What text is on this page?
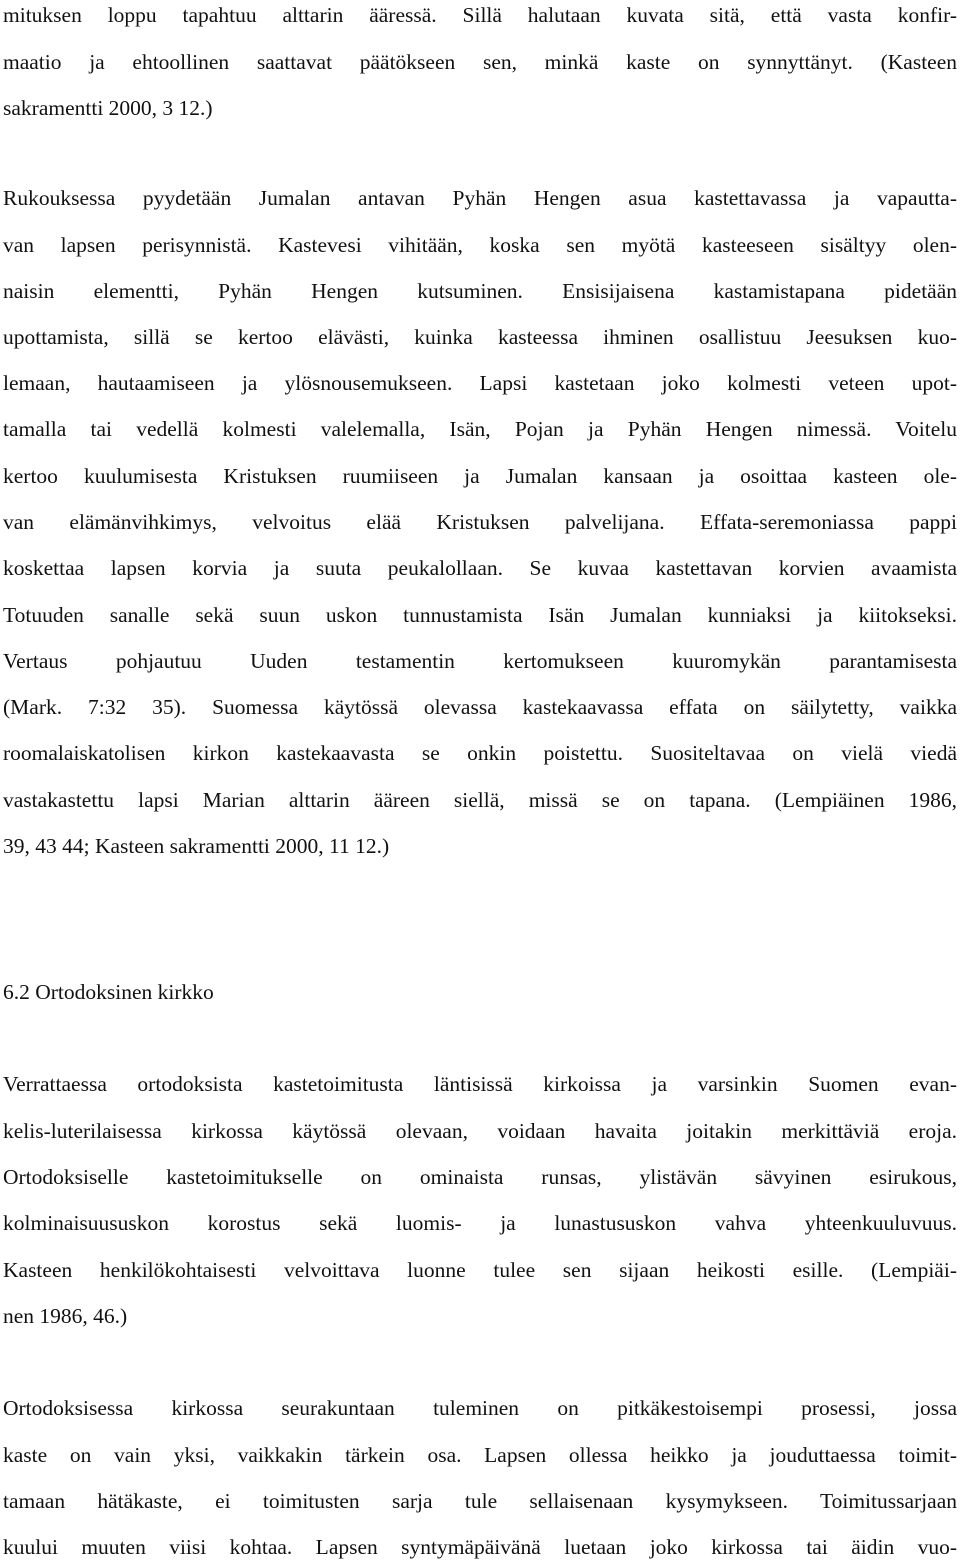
mituksen loppu tapahtuu alttarin ääressä. Sillä halutaan kuvata sitä, että vasta konfir-
maatio ja ehtoollinen saattavat päätökseen sen, minkä kaste on synnyttänyt. (Kasteen
sakramentti 2000, 3 12.)
Rukouksessa pyydetään Jumalan antavan Pyhän Hengen asua kastettavassa ja vapautta-
van lapsen perisynnistä. Kastevesi vihitään, koska sen myötä kasteeseen sisältyy olen-
naisin elementti, Pyhän Hengen kutsuminen. Ensisijaisena kastamistapana pidetään
upottamista, sillä se kertoo elävästi, kuinka kasteessa ihminen osallistuu Jeesuksen kuo-
lemaan, hautaamiseen ja ylösnousemukseen. Lapsi kastetaan joko kolmesti veteen upot-
tamalla tai vedellä kolmesti valelemalla, Isän, Pojan ja Pyhän Hengen nimessä. Voitelu
kertoo kuulumisesta Kristuksen ruumiiseen ja Jumalan kansaan ja osoittaa kasteen ole-
van elämänvihkimys, velvoitus elää Kristuksen palvelijana. Effata-seremoniassa pappi
koskettaa lapsen korvia ja suuta peukalollaan. Se kuvaa kastettavan korvien avaamista
Totuuden sanalle sekä suun uskon tunnustamista Isän Jumalan kunniaksi ja kiitokseksi.
Vertaus pohjautuu Uuden testamentin kertomukseen kuuromykän parantamisesta
(Mark. 7:32 35). Suomessa käytössä olevassa kastekaavassa effata on säilytetty, vaikka
roomalaiskatolisen kirkon kastekaavasta se onkin poistettu. Suositeltavaa on vielä viedä
vastakastettu lapsi Marian alttarin ääreen siellä, missä se on tapana. (Lempiäinen 1986,
39, 43 44; Kasteen sakramentti 2000, 11 12.)
6.2 Ortodoksinen kirkko
Verrattaessa ortodoksista kastetoimitusta läntisissä kirkoissa ja varsinkin Suomen evan-
kelis-luterilaisessa kirkossa käytössä olevaan, voidaan havaita joitakin merkittäviä eroja.
Ortodoksiselle kastetoimitukselle on ominaista runsas, ylistävän sävyinen esirukous,
kolminaisuususkon korostus sekä luomis- ja lunastususkon vahva yhteenkuuluvuus.
Kasteen henkilökohtaisesti velvoittava luonne tulee sen sijaan heikosti esille. (Lempiäi-
nen 1986, 46.)
Ortodoksisessa kirkossa seurakuntaan tuleminen on pitkäkestoisempi prosessi, jossa
kaste on vain yksi, vaikkakin tärkein osa. Lapsen ollessa heikko ja jouduttaessa toimit-
tamaan hätäkaste, ei toimitusten sarja tule sellaisenaan kysymykseen. Toimitussarjaan
kuului muuten viisi kohtaa. Lapsen syntymäpäivänä luetaan joko kirkossa tai äidin vuo-
